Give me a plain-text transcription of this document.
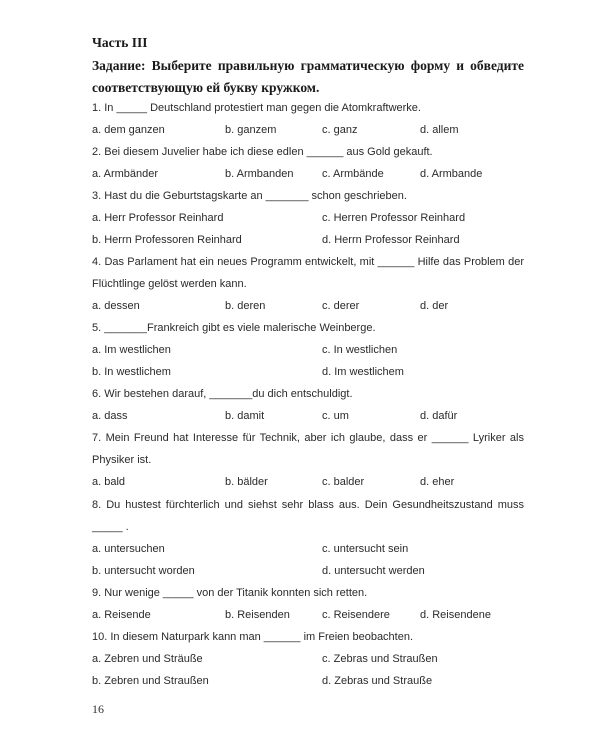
Часть III
Задание: Выберите правильную грамматическую форму и обведите соответствующую ей букву кружком.
1. In _____ Deutschland protestiert man gegen die Atomkraftwerke.
a. dem ganzen	b. ganzem	c. ganz	d. allem
2. Bei diesem Juvelier habe ich diese edlen ______ aus Gold gekauft.
a. Armbänder	b. Armbanden	c. Armbände	d. Armbande
3. Hast du die Geburtstagskarte an _______ schon geschrieben.
a. Herr Professor Reinhard	c. Herren Professor Reinhard
b. Herrn Professoren Reinhard	d. Herrn Professor Reinhard
4. Das Parlament hat ein neues Programm entwickelt, mit ______ Hilfe das Problem der Flüchtlinge gelöst werden kann.
a. dessen	b. deren	c. derer	d. der
5. _______Frankreich gibt es viele malerische Weinberge.
a. Im westlichen	c. In westlichen
b. In westlichem	d. Im westlichem
6. Wir bestehen darauf, _______du dich entschuldigt.
a. dass	b. damit	c. um	d. dafür
7. Mein Freund hat Interesse für Technik, aber ich glaube, dass er ______ Lyriker als Physiker ist.
a. bald	b. bälder	c. balder	d. eher
8. Du hustest fürchterlich und siehst sehr blass aus. Dein Gesundheitszustand muss _____ .
a. untersuchen	c. untersucht sein
b. untersucht worden	d. untersucht werden
9. Nur wenige _____ von der Titanik konnten sich retten.
a. Reisende	b. Reisenden	c. Reisendere	d. Reisendene
10. In diesem Naturpark kann man ______ im Freien beobachten.
a. Zebren und Sträuße	c. Zebras und Straußen
b. Zebren und Straußen	d. Zebras und Strauße
16
